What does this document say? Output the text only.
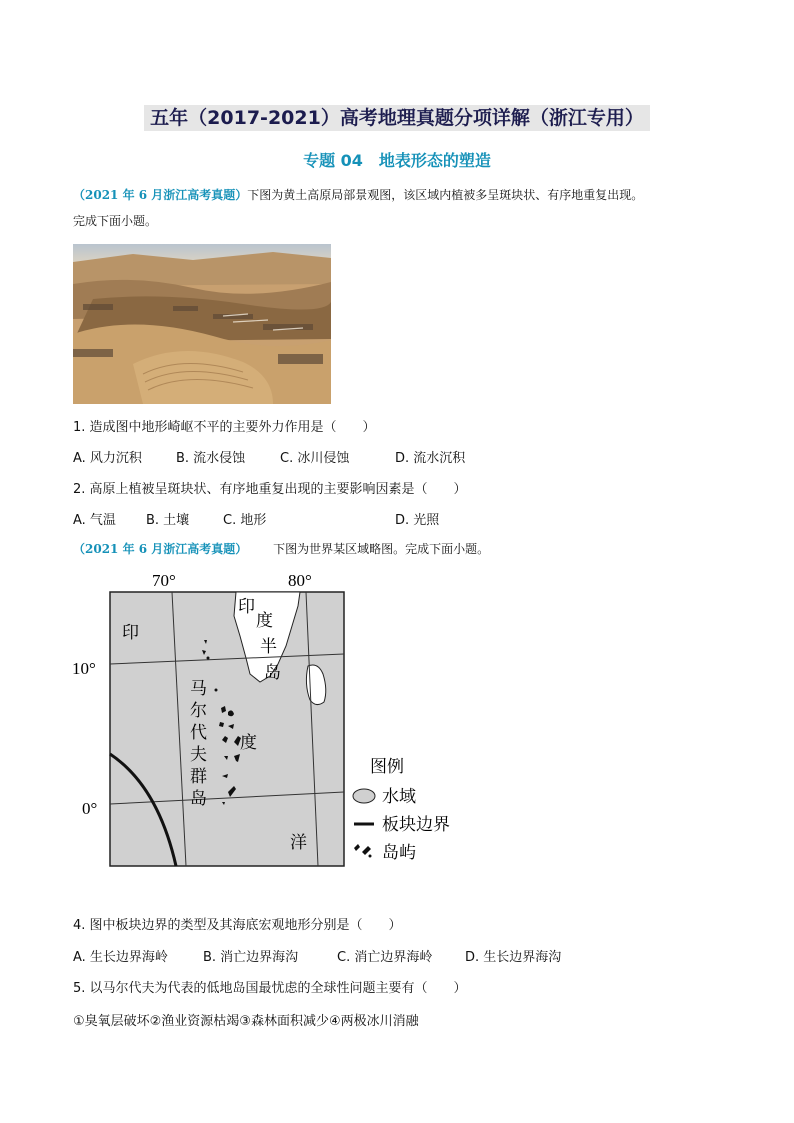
五年（2017-2021）高考地理真题分项详解（浙江专用）
专题 04　地表形态的塑造
（2021 年 6 月浙江高考真题）下图为黄土高原局部景观图，该区域内植被多呈斑块状、有序地重复出现。
完成下面小题。
1. 造成图中地形崎岖不平的主要外力作用是（　　）
A. 风力沉积	B. 流水侵蚀	C. 冰川侵蚀	D. 流水沉积
2. 高原上植被呈斑块状、有序地重复出现的主要影响因素是（　　）
A. 气温 B. 土壤	C. 地形	D. 光照
（2021 年 6 月浙江高考真题） 下图为世界某区域略图。完成下面小题。
70°	80°
10°
0°
印
度
洋
印
度
半
岛
马
尔
代
夫
群
岛
图例
水域
板块边界
岛屿
4. 图中板块边界的类型及其海底宏观地形分别是（　　）
A. 生长边界海岭	B. 消亡边界海沟	C. 消亡边界海岭	D. 生长边界海沟
5. 以马尔代夫为代表的低地岛国最忧虑的全球性问题主要有（　　）
①臭氧层破坏②渔业资源枯竭③森林面积减少④两极冰川消融
